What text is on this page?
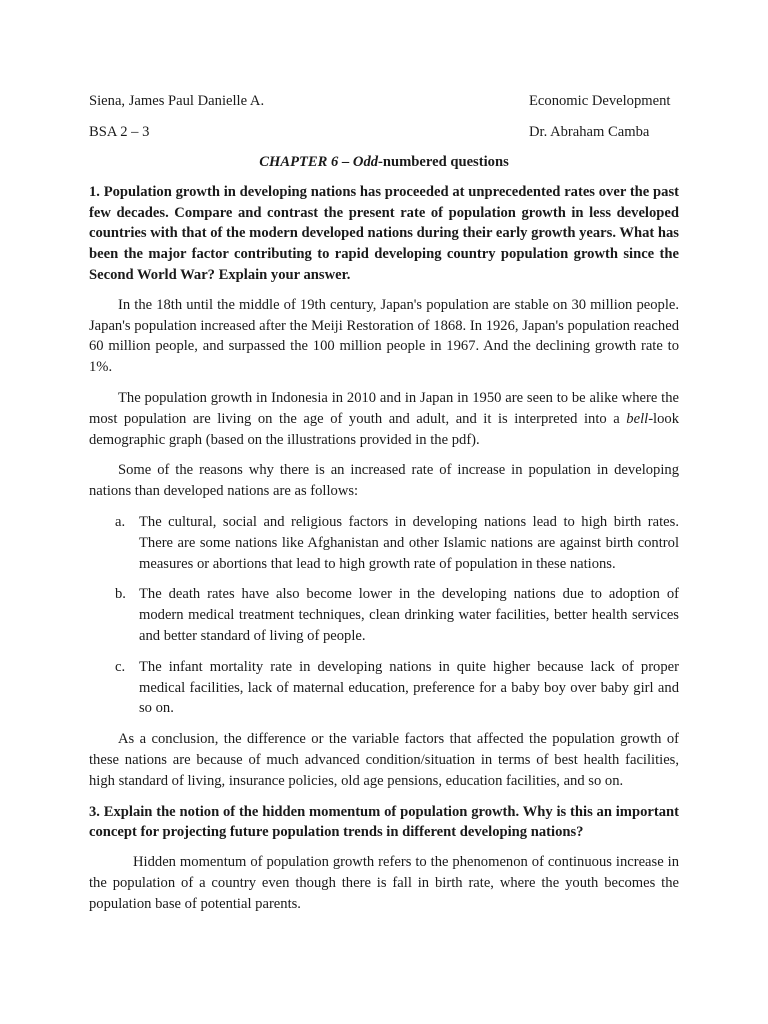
Siena, James Paul Danielle A.	Economic Development
BSA 2 – 3	Dr. Abraham Camba
CHAPTER 6 – Odd-numbered questions

1. Population growth in developing nations has proceeded at unprecedented rates over the past few decades. Compare and contrast the present rate of population growth in less developed countries with that of the modern developed nations during their early growth years. What has been the major factor contributing to rapid developing country population growth since the Second World War? Explain your answer.

In the 18th until the middle of 19th century, Japan's population are stable on 30 million people. Japan's population increased after the Meiji Restoration of 1868. In 1926, Japan's population reached 60 million people, and surpassed the 100 million people in 1967. And the declining growth rate to 1%.

The population growth in Indonesia in 2010 and in Japan in 1950 are seen to be alike where the most population are living on the age of youth and adult, and it is interpreted into a bell-look demographic graph (based on the illustrations provided in the pdf).

Some of the reasons why there is an increased rate of increase in population in developing nations than developed nations are as follows:

a. The cultural, social and religious factors in developing nations lead to high birth rates. There are some nations like Afghanistan and other Islamic nations are against birth control measures or abortions that lead to high growth rate of population in these nations.
b. The death rates have also become lower in the developing nations due to adoption of modern medical treatment techniques, clean drinking water facilities, better health services and better standard of living of people.
c. The infant mortality rate in developing nations in quite higher because lack of proper medical facilities, lack of maternal education, preference for a baby boy over baby girl and so on.

As a conclusion, the difference or the variable factors that affected the population growth of these nations are because of much advanced condition/situation in terms of best health facilities, high standard of living, insurance policies, old age pensions, education facilities, and so on.

3. Explain the notion of the hidden momentum of population growth. Why is this an important concept for projecting future population trends in different developing nations?

Hidden momentum of population growth refers to the phenomenon of continuous increase in the population of a country even though there is fall in birth rate, where the youth becomes the population base of potential parents.
